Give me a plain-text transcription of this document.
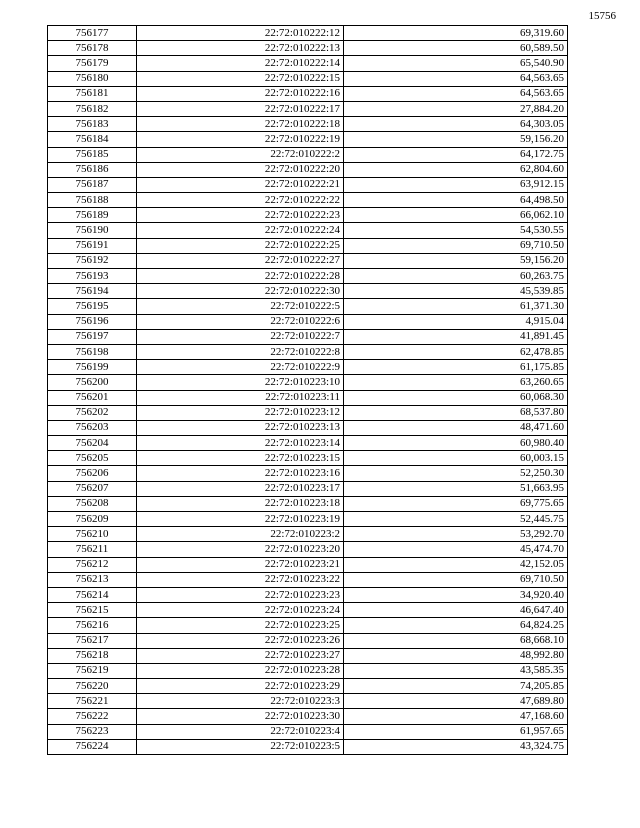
15756
756177	22:72:010222:12	69,319.60
756178	22:72:010222:13	60,589.50
756179	22:72:010222:14	65,540.90
756180	22:72:010222:15	64,563.65
756181	22:72:010222:16	64,563.65
756182	22:72:010222:17	27,884.20
756183	22:72:010222:18	64,303.05
756184	22:72:010222:19	59,156.20
756185	22:72:010222:2	64,172.75
756186	22:72:010222:20	62,804.60
756187	22:72:010222:21	63,912.15
756188	22:72:010222:22	64,498.50
756189	22:72:010222:23	66,062.10
756190	22:72:010222:24	54,530.55
756191	22:72:010222:25	69,710.50
756192	22:72:010222:27	59,156.20
756193	22:72:010222:28	60,263.75
756194	22:72:010222:30	45,539.85
756195	22:72:010222:5	61,371.30
756196	22:72:010222:6	4,915.04
756197	22:72:010222:7	41,891.45
756198	22:72:010222:8	62,478.85
756199	22:72:010222:9	61,175.85
756200	22:72:010223:10	63,260.65
756201	22:72:010223:11	60,068.30
756202	22:72:010223:12	68,537.80
756203	22:72:010223:13	48,471.60
756204	22:72:010223:14	60,980.40
756205	22:72:010223:15	60,003.15
756206	22:72:010223:16	52,250.30
756207	22:72:010223:17	51,663.95
756208	22:72:010223:18	69,775.65
756209	22:72:010223:19	52,445.75
756210	22:72:010223:2	53,292.70
756211	22:72:010223:20	45,474.70
756212	22:72:010223:21	42,152.05
756213	22:72:010223:22	69,710.50
756214	22:72:010223:23	34,920.40
756215	22:72:010223:24	46,647.40
756216	22:72:010223:25	64,824.25
756217	22:72:010223:26	68,668.10
756218	22:72:010223:27	48,992.80
756219	22:72:010223:28	43,585.35
756220	22:72:010223:29	74,205.85
756221	22:72:010223:3	47,689.80
756222	22:72:010223:30	47,168.60
756223	22:72:010223:4	61,957.65
756224	22:72:010223:5	43,324.75
